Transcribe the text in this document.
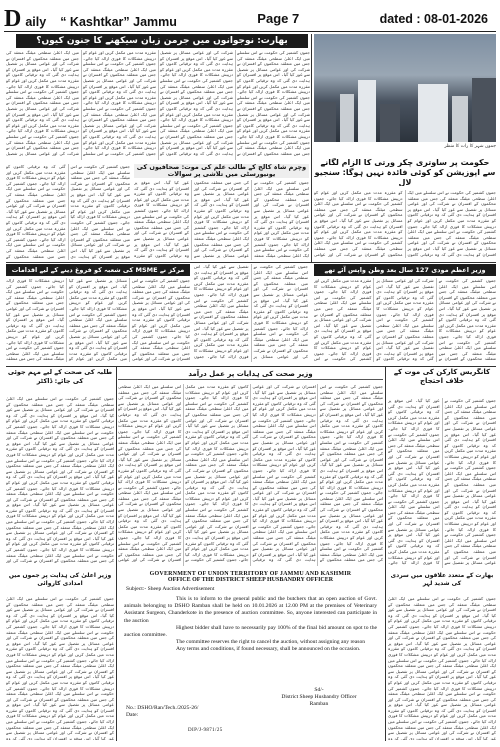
D aily “ Kashtkar” Jammu	Page 7	dated : 08-01-2026
بھارت: نوجوانوں میں جرمن زبان سیکھنے کا جنون کیوں؟
جموں کشمیر کی حکومت نے اس سلسلے میں ایک اعلیٰ سطحی میٹنگ منعقد کی جس میں متعلقہ محکموں کے افسران نے شرکت کی اور عوامی مسائل پر تفصیل سے غور کیا گیا۔ اس موقع پر افسران کو ہدایت دی گئی کہ وہ ترقیاتی کاموں کو مقررہ مدت میں مکمل کریں اور عوام کو درپیش مشکلات کا فوری ازالہ کیا جائے۔ جموں کشمیر کی حکومت نے اس سلسلے میں ایک اعلیٰ سطحی میٹنگ منعقد کی جس میں متعلقہ محکموں کے افسران نے شرکت کی اور عوامی مسائل پر تفصیل سے غور کیا گیا۔ اس موقع پر افسران کو ہدایت دی گئی کہ وہ ترقیاتی کاموں کو مقررہ مدت میں مکمل کریں اور عوام کو درپیش مشکلات کا فوری ازالہ کیا جائے۔ جموں کشمیر کی حکومت نے اس سلسلے میں ایک اعلیٰ سطحی میٹنگ منعقد کی جس میں متعلقہ محکموں کے افسران نے شرکت کی اور عوامی مسائل پر تفصیل سے غور کیا گیا۔ اس موقع پر افسران کو ہدایت دی گئی کہ وہ ترقیاتی کاموں کو مقررہ مدت میں مکمل کریں اور عوام کو درپیش مشکلات کا فوری ازالہ کیا جائے۔ جموں کشمیر کی حکومت نے اس سلسلے میں ایک اعلیٰ سطحی میٹنگ منعقد کی جس میں متعلقہ محکموں کے افسران نے شرکت کی اور عوامی مسائل پر تفصیل سے غور کیا گیا۔ اس موقع پر افسران کو ہدایت دی گئی کہ وہ ترقیاتی کاموں کو مقررہ مدت میں مکمل کریں اور عوام کو درپیش مشکلات کا فوری ازالہ کیا جائے۔ جموں کشمیر کی حکومت نے اس سلسلے میں ایک اعلیٰ سطحی میٹنگ منعقد کی جس میں متعلقہ محکموں کے افسران نے شرکت کی اور عوامی مسائل پر تفصیل سے غور کیا گیا۔ اس موقع پر افسران کو ہدایت دی گئی کہ وہ ترقیاتی کاموں کو مقررہ مدت میں مکمل کریں اور عوام کو درپیش مشکلات کا فوری ازالہ کیا جائے۔ جموں کشمیر کی حکومت نے اس سلسلے میں ایک اعلیٰ سطحی میٹنگ منعقد کی جس میں متعلقہ محکموں کے افسران نے شرکت کی اور عوامی مسائل پر تفصیل سے غور کیا گیا۔ اس موقع پر افسران کو ہدایت دی گئی کہ وہ ترقیاتی کاموں کو مقررہ مدت میں مکمل کریں اور عوام کو درپیش مشکلات کا فوری ازالہ کیا جائے۔ جموں کشمیر کی حکومت نے اس سلسلے میں ایک اعلیٰ سطحی میٹنگ منعقد کی جس میں متعلقہ محکموں کے افسران نے شرکت کی اور عوامی مسائل پر تفصیل سے غور کیا گیا۔ اس موقع پر افسران کو ہدایت دی گئی کہ وہ ترقیاتی کاموں کو مقررہ مدت میں مکمل کریں اور عوام کو درپیش مشکلات کا فوری ازالہ کیا جائے۔ جموں کشمیر کی حکومت نے اس سلسلے میں ایک اعلیٰ سطحی میٹنگ منعقد کی جس میں متعلقہ محکموں کے افسران نے شرکت کی اور عوامی مسائل پر تفصیل سے غور کیا گیا۔ اس موقع پر افسران کو ہدایت دی گئی کہ وہ ترقیاتی کاموں کو مقررہ مدت میں مکمل کریں اور عوام کو درپیش مشکلات کا فوری ازالہ کیا جائے۔ جموں کشمیر کی حکومت نے اس سلسلے میں ایک اعلیٰ سطحی میٹنگ منعقد کی جس میں متعلقہ محکموں کے افسران نے شرکت کی اور عوامی مسائل پر تفصیل سے غور کیا گیا۔ اس موقع پر افسران کو ہدایت دی گئی کہ وہ ترقیاتی کاموں کو مقررہ مدت میں مکمل کریں اور عوام کو درپیش مشکلات کا فوری ازالہ کیا جائے۔ جموں کشمیر کی حکومت نے اس سلسلے میں ایک اعلیٰ سطحی میٹنگ منعقد کی جس میں متعلقہ محکموں کے افسران نے شرکت کی اور عوامی مسائل پر تفصیل
جموں شہر کا رات کا منظر
جموں کشمیر کی حکومت نے اس سلسلے میں ایک اعلیٰ سطحی میٹنگ منعقد کی جس میں متعلقہ محکموں کے افسران نے شرکت کی اور عوامی مسائل پر تفصیل سے غور کیا گیا۔ اس موقع پر افسران کو ہدایت دی گئی کہ وہ ترقیاتی کاموں کو مقررہ مدت میں مکمل کریں اور عوام کو درپیش مشکلات کا فوری ازالہ کیا جائے۔ جموں کشمیر کی حکومت نے اس سلسلے میں ایک اعلیٰ سطحی میٹنگ منعقد کی جس میں متعلقہ محکموں کے افسران نے شرکت کی اور عوامی مسائل پر تفصیل سے غور کیا گیا۔ اس موقع پر افسران کو ہدایت دی گئی کہ وہ ترقیاتی کاموں کو مقررہ مدت میں مکمل کریں اور عوام کو درپیش مشکلات کا فوری ازالہ کیا جائے۔ جموں کشمیر کی حکومت نے اس سلسلے میں ایک اعلیٰ سطحی میٹنگ منعقد کی جس میں متعلقہ محکموں کے افسران نے شرکت کی اور عوامی مسائل پر تفصیل سے غور کیا گیا۔ اس موقع پر افسران کو ہدایت دی گئی کہ وہ ترقیاتی کاموں کو مقررہ مدت میں مکمل کریں اور عوام کو درپیش مشکلات کا فوری ازالہ کیا جائے۔ جموں کشمیر کی حکومت نے اس سلسلے میں ایک اعلیٰ سطحی میٹنگ منعقد کی جس میں متعلقہ محکموں کے
وچرم شاہ کالج کے طالب علم کی موت: صحافیوں کی یونیورسٹی میں تلاشی پر سوالات
جموں کشمیر کی حکومت نے اس سلسلے میں ایک اعلیٰ سطحی میٹنگ منعقد کی جس میں متعلقہ محکموں کے افسران نے شرکت کی اور عوامی مسائل پر تفصیل سے غور کیا گیا۔ اس موقع پر افسران کو ہدایت دی گئی کہ وہ ترقیاتی کاموں کو مقررہ مدت میں مکمل کریں اور عوام کو درپیش مشکلات کا فوری ازالہ کیا جائے۔ جموں کشمیر کی حکومت نے اس سلسلے میں ایک اعلیٰ سطحی میٹنگ منعقد کی جس میں متعلقہ محکموں کے افسران نے شرکت کی اور عوامی مسائل پر تفصیل سے غور کیا گیا۔ اس موقع پر افسران کو ہدایت دی گئی کہ وہ ترقیاتی کاموں کو مقررہ مدت میں مکمل کریں اور عوام کو درپیش مشکلات کا فوری ازالہ کیا جائے۔ جموں کشمیر کی حکومت نے اس سلسلے میں ایک اعلیٰ سطحی میٹنگ منعقد کی جس میں متعلقہ محکموں کے افسران نے شرکت کی اور عوامی مسائل پر تفصیل سے غور کیا گیا۔ اس موقع پر افسران کو ہدایت دی گئی کہ وہ ترقیاتی کاموں کو مقررہ مدت میں مکمل کریں اور عوام کو درپیش مشکلات کا فوری ازالہ کیا جائے۔ جموں کشمیر کی حکومت نے اس سلسلے میں ایک اعلیٰ سطحی میٹنگ منعقد کی جس میں متعلقہ محکموں کے افسران نے شرکت کی اور عوامی مسائل پر تفصیل سے غور کیا گیا۔ اس موقع پر افسران کو ہدایت دی گئی کہ وہ ترقیاتی کاموں کو مقررہ
حکومت پر ساوتری چکر ورتی کا الزام لگانے سے اپوزیشن کو کوئی فائدہ نہیں ہوگا: سنجیو لال
جموں کشمیر کی حکومت نے اس سلسلے میں ایک اعلیٰ سطحی میٹنگ منعقد کی جس میں متعلقہ محکموں کے افسران نے شرکت کی اور عوامی مسائل پر تفصیل سے غور کیا گیا۔ اس موقع پر افسران کو ہدایت دی گئی کہ وہ ترقیاتی کاموں کو مقررہ مدت میں مکمل کریں اور عوام کو درپیش مشکلات کا فوری ازالہ کیا جائے۔ جموں کشمیر کی حکومت نے اس سلسلے میں ایک اعلیٰ سطحی میٹنگ منعقد کی جس میں متعلقہ محکموں کے افسران نے شرکت کی اور عوامی مسائل پر تفصیل سے غور کیا گیا۔ اس موقع پر افسران کو ہدایت دی گئی کہ وہ ترقیاتی کاموں کو مقررہ مدت میں مکمل کریں اور عوام کو درپیش مشکلات کا فوری ازالہ کیا جائے۔ جموں کشمیر کی حکومت نے اس سلسلے میں ایک اعلیٰ سطحی میٹنگ منعقد کی جس میں متعلقہ محکموں کے افسران نے شرکت کی اور عوامی مسائل پر تفصیل سے غور کیا گیا۔ اس موقع پر افسران کو ہدایت دی گئی کہ وہ ترقیاتی کاموں کو مقررہ مدت میں مکمل کریں اور عوام کو درپیش مشکلات کا فوری ازالہ کیا جائے۔ جموں کشمیر کی حکومت نے اس سلسلے میں ایک اعلیٰ سطحی میٹنگ منعقد کی جس میں متعلقہ محکموں کے افسران نے شرکت کی اور عوامی
مرکز نے MSME کی شعبہ کو فروغ دینے کے لیے اقدامات
جموں کشمیر کی حکومت نے اس سلسلے میں ایک اعلیٰ سطحی میٹنگ منعقد کی جس میں متعلقہ محکموں کے افسران نے شرکت کی اور عوامی مسائل پر تفصیل سے غور کیا گیا۔ اس موقع پر افسران کو ہدایت دی گئی کہ وہ ترقیاتی کاموں کو مقررہ مدت میں مکمل کریں اور عوام کو درپیش مشکلات کا فوری ازالہ کیا جائے۔ جموں کشمیر کی حکومت نے اس سلسلے میں ایک اعلیٰ سطحی میٹنگ منعقد کی جس میں متعلقہ محکموں کے افسران نے شرکت کی اور عوامی مسائل پر تفصیل سے غور کیا گیا۔ اس موقع پر افسران کو ہدایت دی گئی کہ وہ ترقیاتی کاموں کو مقررہ مدت میں مکمل کریں اور عوام کو درپیش مشکلات کا فوری ازالہ کیا جائے۔ جموں کشمیر کی حکومت نے اس سلسلے میں ایک اعلیٰ سطحی میٹنگ منعقد کی جس میں متعلقہ محکموں کے افسران نے شرکت کی اور عوامی مسائل پر تفصیل سے غور کیا گیا۔ اس موقع پر افسران کو ہدایت دی گئی کہ وہ ترقیاتی کاموں کو مقررہ مدت میں مکمل کریں اور عوام کو درپیش مشکلات کا فوری ازالہ کیا جائے۔ جموں کشمیر کی حکومت نے اس سلسلے میں ایک اعلیٰ سطحی میٹنگ منعقد کی جس میں متعلقہ محکموں کے افسران نے شرکت کی اور عوامی مسائل پر تفصیل سے غور کیا گیا۔ اس موقع پر افسران کو ہدایت دی گئی کہ وہ ترقیاتی کاموں کو مقررہ مدت میں مکمل کریں اور عوام کو درپیش مشکلات کا فوری ازالہ کیا جائے۔ جموں کشمیر کی حکومت نے اس سلسلے میں ایک اعلیٰ سطحی میٹنگ منعقد کی جس میں متعلقہ
جموں کشمیر کی حکومت نے اس سلسلے میں ایک اعلیٰ سطحی میٹنگ منعقد کی جس میں متعلقہ محکموں کے افسران نے شرکت کی اور عوامی مسائل پر تفصیل سے غور کیا گیا۔ اس موقع پر افسران کو ہدایت دی گئی کہ وہ ترقیاتی کاموں کو مقررہ مدت میں مکمل کریں اور عوام کو درپیش مشکلات کا فوری ازالہ کیا جائے۔ جموں کشمیر کی حکومت نے اس سلسلے میں ایک اعلیٰ سطحی میٹنگ منعقد کی جس میں متعلقہ محکموں کے افسران نے شرکت کی اور عوامی مسائل پر تفصیل سے غور کیا گیا۔ اس موقع پر افسران کو ہدایت دی گئی کہ وہ ترقیاتی کاموں کو مقررہ مدت میں مکمل کریں اور عوام کو درپیش مشکلات کا فوری ازالہ کیا جائے۔ جموں کشمیر کی حکومت نے اس سلسلے میں ایک اعلیٰ سطحی میٹنگ منعقد کی جس میں متعلقہ محکموں کے افسران نے شرکت کی اور عوامی مسائل پر تفصیل سے غور کیا گیا۔ اس موقع پر افسران کو ہدایت دی گئی کہ وہ ترقیاتی کاموں کو مقررہ مدت میں مکمل کریں اور عوام کو درپیش مشکلات کا فوری ازالہ کیا جائے۔ جموں
وزیر اعظم مودی 127 سال بعد وطن واپس آئے تھے
جموں کشمیر کی حکومت نے اس سلسلے میں ایک اعلیٰ سطحی میٹنگ منعقد کی جس میں متعلقہ محکموں کے افسران نے شرکت کی اور عوامی مسائل پر تفصیل سے غور کیا گیا۔ اس موقع پر افسران کو ہدایت دی گئی کہ وہ ترقیاتی کاموں کو مقررہ مدت میں مکمل کریں اور عوام کو درپیش مشکلات کا فوری ازالہ کیا جائے۔ جموں کشمیر کی حکومت نے اس سلسلے میں ایک اعلیٰ سطحی میٹنگ منعقد کی جس میں متعلقہ محکموں کے افسران نے شرکت کی اور عوامی مسائل پر تفصیل سے غور کیا گیا۔ اس موقع پر افسران کو ہدایت دی گئی کہ وہ ترقیاتی کاموں کو مقررہ مدت میں مکمل کریں اور عوام کو درپیش مشکلات کا فوری ازالہ کیا جائے۔ جموں کشمیر کی حکومت نے اس سلسلے میں ایک اعلیٰ سطحی میٹنگ منعقد کی جس میں متعلقہ محکموں کے افسران نے شرکت کی اور عوامی مسائل پر تفصیل سے غور کیا گیا۔ اس موقع پر افسران کو ہدایت دی گئی کہ وہ ترقیاتی کاموں کو مقررہ مدت میں مکمل کریں اور عوام کو درپیش مشکلات کا فوری ازالہ کیا جائے۔ جموں کشمیر کی حکومت نے اس سلسلے میں ایک اعلیٰ سطحی میٹنگ منعقد کی جس میں متعلقہ محکموں کے افسران نے شرکت کی اور عوامی مسائل پر تفصیل سے غور کیا گیا۔ اس موقع پر افسران کو ہدایت دی گئی کہ وہ ترقیاتی کاموں کو مقررہ مدت میں مکمل کریں اور عوام کو درپیش مشکلات کا فوری ازالہ کیا جائے۔ جموں کشمیر کی حکومت نے اس
طلبہ کی صحت کے لیے مہم جوئی کی جائے: ڈاکٹر
جموں کشمیر کی حکومت نے اس سلسلے میں ایک اعلیٰ سطحی میٹنگ منعقد کی جس میں متعلقہ محکموں کے افسران نے شرکت کی اور عوامی مسائل پر تفصیل سے غور کیا گیا۔ اس موقع پر افسران کو ہدایت دی گئی کہ وہ ترقیاتی کاموں کو مقررہ مدت میں مکمل کریں اور عوام کو درپیش مشکلات کا فوری ازالہ کیا جائے۔ جموں کشمیر کی حکومت نے اس سلسلے میں ایک اعلیٰ سطحی میٹنگ منعقد کی جس میں متعلقہ محکموں کے افسران نے شرکت کی اور عوامی مسائل پر تفصیل سے غور کیا گیا۔ اس موقع پر افسران کو ہدایت دی گئی کہ وہ ترقیاتی کاموں کو مقررہ مدت میں مکمل کریں اور عوام کو درپیش مشکلات کا فوری ازالہ کیا جائے۔ جموں کشمیر کی حکومت نے اس سلسلے میں ایک اعلیٰ سطحی میٹنگ منعقد کی جس میں متعلقہ محکموں کے افسران نے شرکت کی اور عوامی مسائل پر تفصیل سے غور کیا گیا۔ اس موقع پر افسران کو ہدایت دی گئی کہ وہ ترقیاتی کاموں کو مقررہ مدت میں مکمل کریں اور عوام کو درپیش مشکلات کا فوری ازالہ کیا جائے۔ جموں کشمیر کی حکومت نے اس سلسلے میں ایک اعلیٰ سطحی میٹنگ منعقد کی جس میں متعلقہ محکموں کے افسران نے شرکت کی اور عوامی مسائل پر تفصیل سے غور کیا گیا۔ اس موقع پر افسران کو ہدایت دی گئی کہ وہ ترقیاتی کاموں کو مقررہ مدت میں مکمل کریں اور عوام کو درپیش مشکلات کا فوری ازالہ کیا جائے۔ جموں کشمیر کی حکومت نے اس سلسلے میں ایک اعلیٰ سطحی میٹنگ منعقد کی جس میں متعلقہ محکموں کے افسران نے شرکت کی اور عوامی مسائل پر تفصیل سے غور کیا گیا۔ اس موقع پر افسران کو ہدایت دی گئی کہ وہ ترقیاتی کاموں کو مقررہ مدت میں مکمل کریں اور عوام کو درپیش مشکلات کا فوری ازالہ کیا جائے۔ جموں کشمیر کی حکومت نے اس سلسلے میں ایک اعلیٰ سطحی میٹنگ منعقد کی جس میں متعلقہ محکموں کے افسران نے شرکت کی اور
وزیر صحت کی ہدایات پر عمل درآمد
جموں کشمیر کی حکومت نے اس سلسلے میں ایک اعلیٰ سطحی میٹنگ منعقد کی جس میں متعلقہ محکموں کے افسران نے شرکت کی اور عوامی مسائل پر تفصیل سے غور کیا گیا۔ اس موقع پر افسران کو ہدایت دی گئی کہ وہ ترقیاتی کاموں کو مقررہ مدت میں مکمل کریں اور عوام کو درپیش مشکلات کا فوری ازالہ کیا جائے۔ جموں کشمیر کی حکومت نے اس سلسلے میں ایک اعلیٰ سطحی میٹنگ منعقد کی جس میں متعلقہ محکموں کے افسران نے شرکت کی اور عوامی مسائل پر تفصیل سے غور کیا گیا۔ اس موقع پر افسران کو ہدایت دی گئی کہ وہ ترقیاتی کاموں کو مقررہ مدت میں مکمل کریں اور عوام کو درپیش مشکلات کا فوری ازالہ کیا جائے۔ جموں کشمیر کی حکومت نے اس سلسلے میں ایک اعلیٰ سطحی میٹنگ منعقد کی جس میں متعلقہ محکموں کے افسران نے شرکت کی اور عوامی مسائل پر تفصیل سے غور کیا گیا۔ اس موقع پر افسران کو ہدایت دی گئی کہ وہ ترقیاتی کاموں کو مقررہ مدت میں مکمل کریں اور عوام کو درپیش مشکلات کا فوری ازالہ کیا جائے۔ جموں کشمیر کی حکومت نے اس سلسلے میں ایک اعلیٰ سطحی میٹنگ منعقد کی جس میں متعلقہ محکموں کے افسران نے شرکت کی اور عوامی مسائل پر تفصیل سے غور کیا گیا۔ اس موقع پر افسران کو ہدایت دی گئی کہ وہ ترقیاتی کاموں کو مقررہ مدت میں مکمل کریں اور عوام کو درپیش مشکلات کا فوری ازالہ کیا جائے۔ جموں کشمیر کی حکومت نے اس سلسلے میں ایک اعلیٰ سطحی میٹنگ منعقد کی جس میں متعلقہ محکموں کے افسران نے شرکت کی اور عوامی مسائل پر تفصیل سے غور کیا گیا۔ اس موقع پر افسران کو ہدایت دی گئی کہ وہ ترقیاتی کاموں کو مقررہ مدت میں مکمل کریں اور عوام کو درپیش مشکلات کا فوری ازالہ کیا جائے۔ جموں کشمیر کی حکومت نے اس سلسلے میں ایک اعلیٰ سطحی میٹنگ منعقد کی جس میں متعلقہ محکموں کے افسران نے شرکت کی اور عوامی مسائل پر تفصیل سے غور کیا گیا۔ اس موقع پر افسران کو ہدایت دی گئی کہ وہ ترقیاتی کاموں کو مقررہ مدت میں مکمل کریں اور عوام کو درپیش مشکلات کا فوری ازالہ کیا جائے۔ جموں کشمیر کی حکومت نے اس سلسلے میں ایک اعلیٰ سطحی میٹنگ منعقد کی جس میں متعلقہ محکموں کے افسران نے شرکت کی اور عوامی مسائل پر تفصیل سے غور کیا گیا۔ اس موقع پر افسران کو ہدایت دی گئی کہ وہ ترقیاتی کاموں کو مقررہ مدت میں مکمل کریں اور عوام کو درپیش مشکلات کا فوری ازالہ کیا جائے۔ جموں کشمیر کی حکومت نے اس سلسلے میں ایک اعلیٰ سطحی میٹنگ منعقد کی جس میں متعلقہ محکموں کے افسران نے شرکت کی اور عوامی مسائل پر تفصیل سے غور کیا گیا۔ اس موقع پر افسران کو ہدایت دی گئی کہ وہ ترقیاتی کاموں کو مقررہ مدت میں مکمل کریں اور عوام کو درپیش مشکلات کا فوری ازالہ کیا جائے۔ جموں کشمیر کی حکومت نے اس سلسلے میں ایک اعلیٰ سطحی میٹنگ منعقد کی جس میں متعلقہ محکموں کے افسران نے شرکت کی اور عوامی مسائل پر تفصیل سے غور کیا گیا۔ اس موقع پر افسران کو ہدایت دی گئی کہ وہ ترقیاتی کاموں کو مقررہ مدت میں مکمل کریں اور عوام کو درپیش مشکلات کا فوری ازالہ کیا جائے۔ جموں کشمیر کی حکومت نے اس سلسلے میں ایک اعلیٰ سطحی میٹنگ منعقد کی جس میں متعلقہ محکموں کے افسران نے شرکت کی اور عوامی مسائل پر تفصیل سے غور کیا گیا۔ اس موقع پر افسران کو ہدایت دی گئی کہ وہ ترقیاتی کاموں کو مقررہ مدت میں مکمل کریں اور عوام کو درپیش مشکلات کا فوری ازالہ کیا جائے۔ جموں کشمیر کی حکومت نے اس سلسلے میں ایک اعلیٰ سطحی میٹنگ منعقد کی جس میں متعلقہ محکموں کے افسران نے شرکت کی اور عوامی مسائل پر تفصیل سے غور کیا گیا۔ اس موقع پر افسران کو ہدایت دی گئی کہ وہ ترقیاتی کاموں کو مقررہ مدت میں مکمل کریں اور عوام کو درپیش مشکلات کا فوری ازالہ کیا جائے۔ جموں کشمیر کی حکومت نے اس سلسلے میں ایک اعلیٰ سطحی میٹنگ منعقد کی جس میں متعلقہ محکموں کے افسران نے شرکت کی اور عوامی مسائل پر تفصیل سے غور کیا گیا۔ اس موقع پر افسران کو ہدایت دی گئی کہ وہ ترقیاتی کاموں کو مقررہ مدت میں مکمل کریں اور عوام کو درپیش مشکلات کا فوری ازالہ کیا جائے۔ جموں کشمیر کی حکومت نے اس سلسلے میں ایک اعلیٰ سطحی میٹنگ منعقد کی جس میں متعلقہ محکموں کے افسران نے شرکت کی اور عوامی مسائل پر تفصیل سے غور کیا گیا۔ اس موقع پر افسران کو ہدایت دی گئی کہ وہ ترقیاتی کاموں کو مقررہ مدت میں مکمل کریں اور عوام کو درپیش مشکلات کا فوری ازالہ کیا جائے۔ جموں کشمیر کی حکومت نے اس سلسلے میں ایک اعلیٰ سطحی میٹنگ منعقد کی جس میں متعلقہ محکموں کے افسران نے شرکت کی اور عوامی
کانگریس کارکن کی موت کے خلاف احتجاج
جموں کشمیر کی حکومت نے اس سلسلے میں ایک اعلیٰ سطحی میٹنگ منعقد کی جس میں متعلقہ محکموں کے افسران نے شرکت کی اور عوامی مسائل پر تفصیل سے غور کیا گیا۔ اس موقع پر افسران کو ہدایت دی گئی کہ وہ ترقیاتی کاموں کو مقررہ مدت میں مکمل کریں اور عوام کو درپیش مشکلات کا فوری ازالہ کیا جائے۔ جموں کشمیر کی حکومت نے اس سلسلے میں ایک اعلیٰ سطحی میٹنگ منعقد کی جس میں متعلقہ محکموں کے افسران نے شرکت کی اور عوامی مسائل پر تفصیل سے غور کیا گیا۔ اس موقع پر افسران کو ہدایت دی گئی کہ وہ ترقیاتی کاموں کو مقررہ مدت میں مکمل کریں اور عوام کو درپیش مشکلات کا فوری ازالہ کیا جائے۔ جموں کشمیر کی حکومت نے اس سلسلے میں ایک اعلیٰ سطحی میٹنگ منعقد کی جس میں متعلقہ محکموں کے افسران نے شرکت کی اور عوامی مسائل پر تفصیل سے غور کیا گیا۔ اس موقع پر افسران کو ہدایت دی گئی کہ وہ ترقیاتی کاموں کو مقررہ مدت میں مکمل کریں اور عوام کو درپیش مشکلات کا فوری ازالہ کیا جائے۔ جموں کشمیر کی حکومت نے اس سلسلے میں ایک اعلیٰ سطحی میٹنگ منعقد کی جس میں متعلقہ محکموں کے افسران نے شرکت کی اور عوامی مسائل پر تفصیل سے غور کیا گیا۔ اس موقع پر افسران کو ہدایت دی گئی کہ وہ ترقیاتی کاموں کو مقررہ مدت میں مکمل کریں اور عوام کو درپیش مشکلات کا فوری ازالہ کیا جائے۔ جموں کشمیر کی حکومت نے اس سلسلے میں ایک اعلیٰ سطحی میٹنگ منعقد کی جس میں متعلقہ محکموں کے افسران نے شرکت کی اور عوامی مسائل پر تفصیل سے غور کیا گیا۔ اس موقع پر افسران کو ہدایت دی گئی کہ وہ ترقیاتی کاموں کو مقررہ مدت میں مکمل کریں اور عوام کو درپیش مشکلات کا فوری ازالہ کیا جائے۔
وزیر اعلیٰ کی ہدایت پر جموں میں امدادی کاروائی
جموں کشمیر کی حکومت نے اس سلسلے میں ایک اعلیٰ سطحی میٹنگ منعقد کی جس میں متعلقہ محکموں کے افسران نے شرکت کی اور عوامی مسائل پر تفصیل سے غور کیا گیا۔ اس موقع پر افسران کو ہدایت دی گئی کہ وہ ترقیاتی کاموں کو مقررہ مدت میں مکمل کریں اور عوام کو درپیش مشکلات کا فوری ازالہ کیا جائے۔ جموں کشمیر کی حکومت نے اس سلسلے میں ایک اعلیٰ سطحی میٹنگ منعقد کی جس میں متعلقہ محکموں کے افسران نے شرکت کی اور عوامی مسائل پر تفصیل سے غور کیا گیا۔ اس موقع پر افسران کو ہدایت دی گئی کہ وہ ترقیاتی کاموں کو مقررہ مدت میں مکمل کریں اور عوام کو درپیش مشکلات کا فوری ازالہ کیا جائے۔ جموں کشمیر کی حکومت نے اس سلسلے میں ایک اعلیٰ سطحی میٹنگ منعقد کی جس میں متعلقہ محکموں کے افسران نے شرکت کی اور عوامی مسائل پر تفصیل سے غور کیا گیا۔ اس موقع پر افسران کو ہدایت دی گئی کہ وہ ترقیاتی کاموں کو مقررہ مدت میں مکمل کریں اور عوام کو درپیش مشکلات کا فوری ازالہ کیا جائے۔ جموں کشمیر کی حکومت نے اس سلسلے میں ایک اعلیٰ سطحی میٹنگ منعقد کی جس میں متعلقہ محکموں کے افسران نے شرکت کی اور عوامی مسائل پر تفصیل سے غور کیا گیا۔ اس موقع پر افسران کو ہدایت دی گئی کہ وہ ترقیاتی کاموں کو مقررہ مدت میں مکمل کریں اور عوام کو درپیش مشکلات کا فوری ازالہ کیا جائے۔ جموں کشمیر کی حکومت نے اس سلسلے میں ایک اعلیٰ سطحی میٹنگ منعقد کی جس میں متعلقہ محکموں کے افسران نے شرکت کی اور عوامی مسائل پر تفصیل سے غور کیا گیا۔ اس موقع پر افسران کو ہدایت دی گئی کہ وہ
بھارت کے متعدد علاقوں میں سردی کی شدید لہر
جموں کشمیر کی حکومت نے اس سلسلے میں ایک اعلیٰ سطحی میٹنگ منعقد کی جس میں متعلقہ محکموں کے افسران نے شرکت کی اور عوامی مسائل پر تفصیل سے غور کیا گیا۔ اس موقع پر افسران کو ہدایت دی گئی کہ وہ ترقیاتی کاموں کو مقررہ مدت میں مکمل کریں اور عوام کو درپیش مشکلات کا فوری ازالہ کیا جائے۔ جموں کشمیر کی حکومت نے اس سلسلے میں ایک اعلیٰ سطحی میٹنگ منعقد کی جس میں متعلقہ محکموں کے افسران نے شرکت کی اور عوامی مسائل پر تفصیل سے غور کیا گیا۔ اس موقع پر افسران کو ہدایت دی گئی کہ وہ ترقیاتی کاموں کو مقررہ مدت میں مکمل کریں اور عوام کو درپیش مشکلات کا فوری ازالہ کیا جائے۔ جموں کشمیر کی حکومت نے اس سلسلے میں ایک اعلیٰ سطحی میٹنگ منعقد کی جس میں متعلقہ محکموں کے افسران نے شرکت کی اور عوامی مسائل پر تفصیل سے غور کیا گیا۔ اس موقع پر افسران کو ہدایت دی گئی کہ وہ ترقیاتی کاموں کو مقررہ مدت میں مکمل کریں اور عوام کو درپیش مشکلات کا فوری ازالہ کیا جائے۔ جموں کشمیر کی حکومت نے اس سلسلے میں ایک اعلیٰ سطحی میٹنگ منعقد کی جس میں متعلقہ محکموں کے افسران نے شرکت کی اور عوامی مسائل پر تفصیل سے غور کیا گیا۔ اس موقع پر افسران کو ہدایت دی گئی کہ وہ ترقیاتی کاموں کو مقررہ مدت میں مکمل کریں اور عوام کو درپیش مشکلات کا فوری ازالہ کیا جائے۔ جموں کشمیر کی حکومت نے اس سلسلے میں ایک اعلیٰ سطحی میٹنگ منعقد کی جس میں متعلقہ محکموں کے افسران نے شرکت کی اور عوامی مسائل پر تفصیل سے غور کیا گیا۔ اس موقع پر افسران کو ہدایت دی گئی کہ وہ
GOVERNMENT OF UNION TERRITORY OF JAMMU AND KASHMIR
OFFICE OF THE DISTRICT SHEEP HUSBANDRY OFFICER
Subject:- Sheep Auction Advertisement

This is to inform to the general public and the butchers that an open auction of Govt. animals belonging to DSHO Ramban shall be held on 10.01.2026 at 12.00 PM at the premises of Veterinary Assistant Surgeon, Chanderkote in the presence of auction committee. So, anyone interested can participate in the auction

Highest bidder shall have to necessarily pay 100% of the final bid amount on spot to the auction committee.

The committee reserves the right to cancel the auction, without assigning any reason

Any terms and conditions, if found necessary, shall be announced on the occasion.

Sd/-
District Sheep Husbandry Officer
Ramban
No.: DSHO/Ran/Tech./2025-26/
Date:
DIP/J-9871/25
